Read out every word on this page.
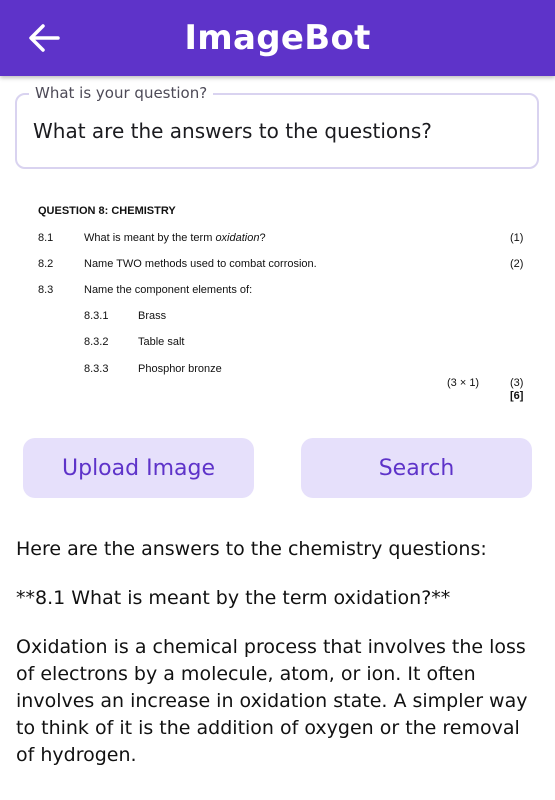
ImageBot
What is your question?
What are the answers to the questions?
QUESTION 8: CHEMISTRY
8.1	What is meant by the term oxidation?	(1)
8.2	Name TWO methods used to combat corrosion.	(2)
8.3	Name the component elements of:
8.3.1	Brass
8.3.2	Table salt
8.3.3	Phosphor bronze
(3 × 1)	(3)
[6]
Upload Image	Search

Here are the answers to the chemistry questions:

**8.1 What is meant by the term oxidation?**

Oxidation is a chemical process that involves the loss of electrons by a molecule, atom, or ion. It often involves an increase in oxidation state. A simpler way to think of it is the addition of oxygen or the removal of hydrogen.
